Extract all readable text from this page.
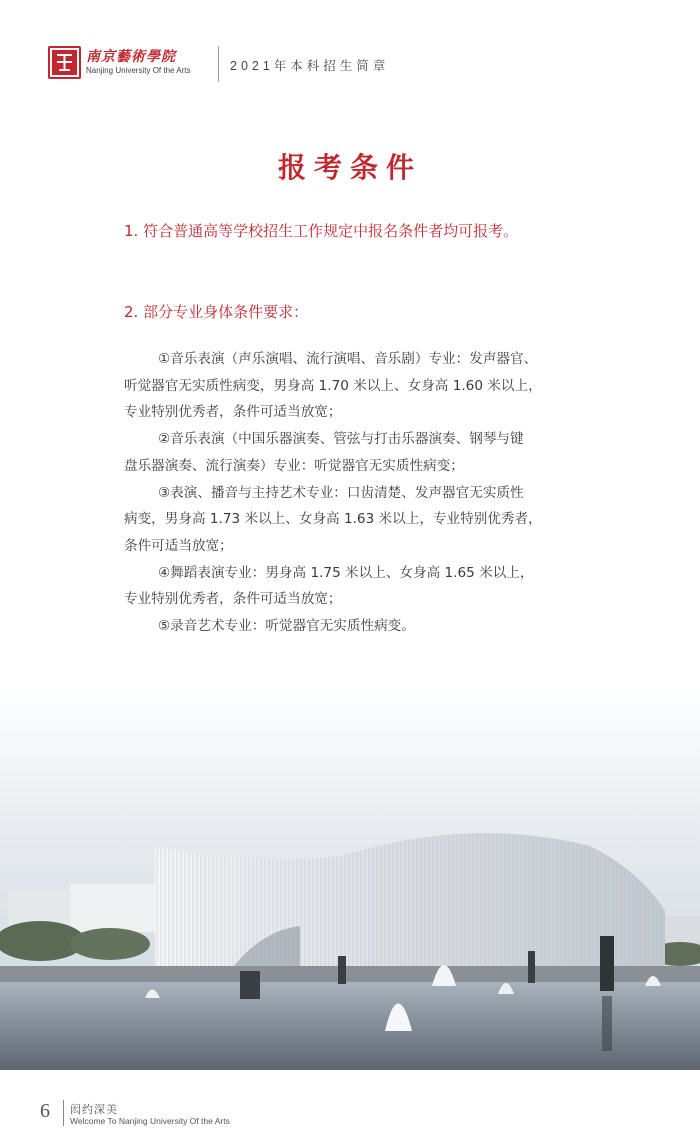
南京藝術學院
Nanjing University Of the Arts	2021年本科招生简章
报考条件
1. 符合普通高等学校招生工作规定中报名条件者均可报考。
2. 部分专业身体条件要求：

①音乐表演（声乐演唱、流行演唱、音乐剧）专业：发声器官、

听觉器官无实质性病变，男身高 1.70 米以上、女身高 1.60 米以上，

专业特别优秀者，条件可适当放宽；

②音乐表演（中国乐器演奏、管弦与打击乐器演奏、钢琴与键

盘乐器演奏、流行演奏）专业：听觉器官无实质性病变；

③表演、播音与主持艺术专业：口齿清楚、发声器官无实质性

病变，男身高 1.73 米以上、女身高 1.63 米以上，专业特别优秀者，

条件可适当放宽；

④舞蹈表演专业：男身高 1.75 米以上、女身高 1.65 米以上，

专业特别优秀者，条件可适当放宽；

⑤录音艺术专业：听觉器官无实质性病变。

6 闳约深美
Welcome To Nanjing University Of the Arts
